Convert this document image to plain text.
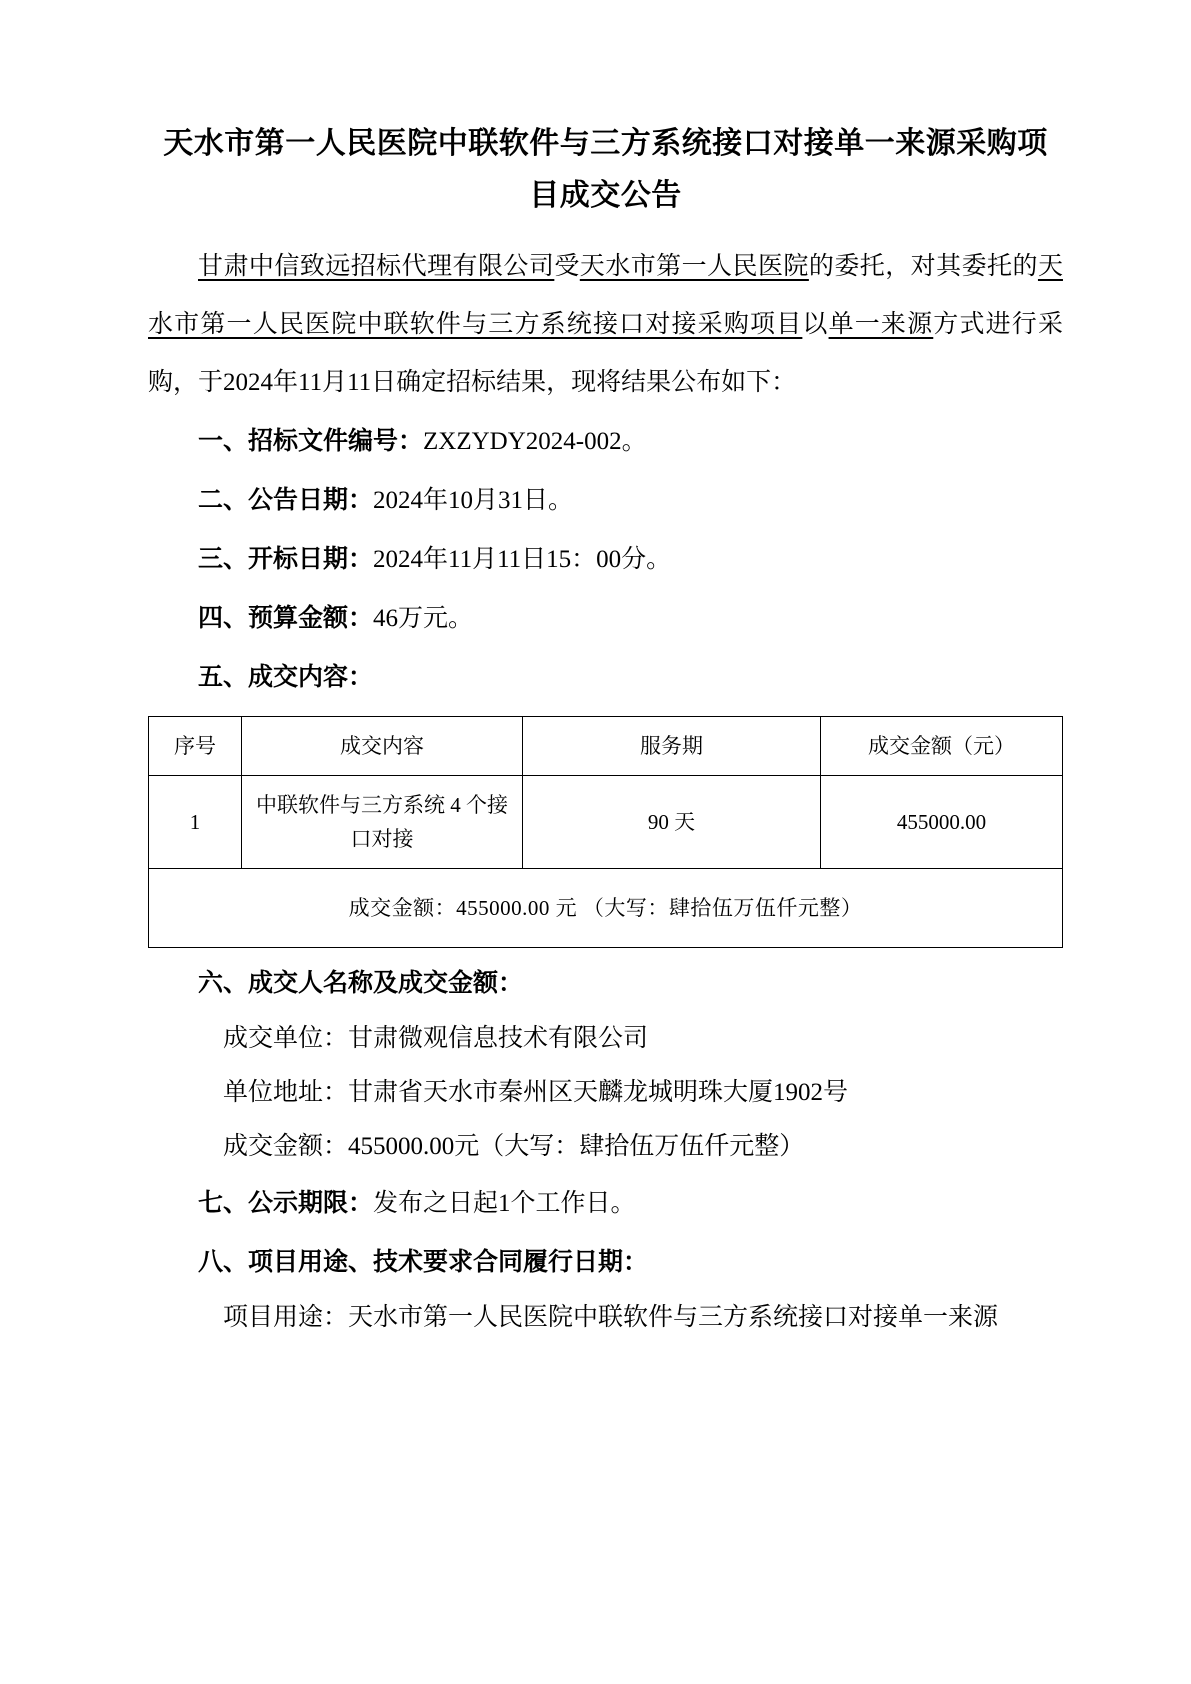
天水市第一人民医院中联软件与三方系统接口对接单一来源采购项目成交公告

甘肃中信致远招标代理有限公司受天水市第一人民医院的委托，对其委托的天水市第一人民医院中联软件与三方系统接口对接采购项目以单一来源方式进行采购，于2024年11月11日确定招标结果，现将结果公布如下：

一、招标文件编号：ZXZYDY2024-002。

二、公告日期：2024年10月31日。

三、开标日期：2024年11月11日15：00分。

四、预算金额：46万元。

五、成交内容：

序号	成交内容	服务期	成交金额（元）
1	中联软件与三方系统 4 个接口对接	90 天	455000.00
成交金额：455000.00 元 （大写：肆拾伍万伍仟元整）			

六、成交人名称及成交金额：

成交单位：甘肃微观信息技术有限公司

单位地址：甘肃省天水市秦州区天麟龙城明珠大厦1902号

成交金额：455000.00元（大写：肆拾伍万伍仟元整）

七、公示期限：发布之日起1个工作日。

八、项目用途、技术要求合同履行日期：

项目用途：天水市第一人民医院中联软件与三方系统接口对接单一来源
